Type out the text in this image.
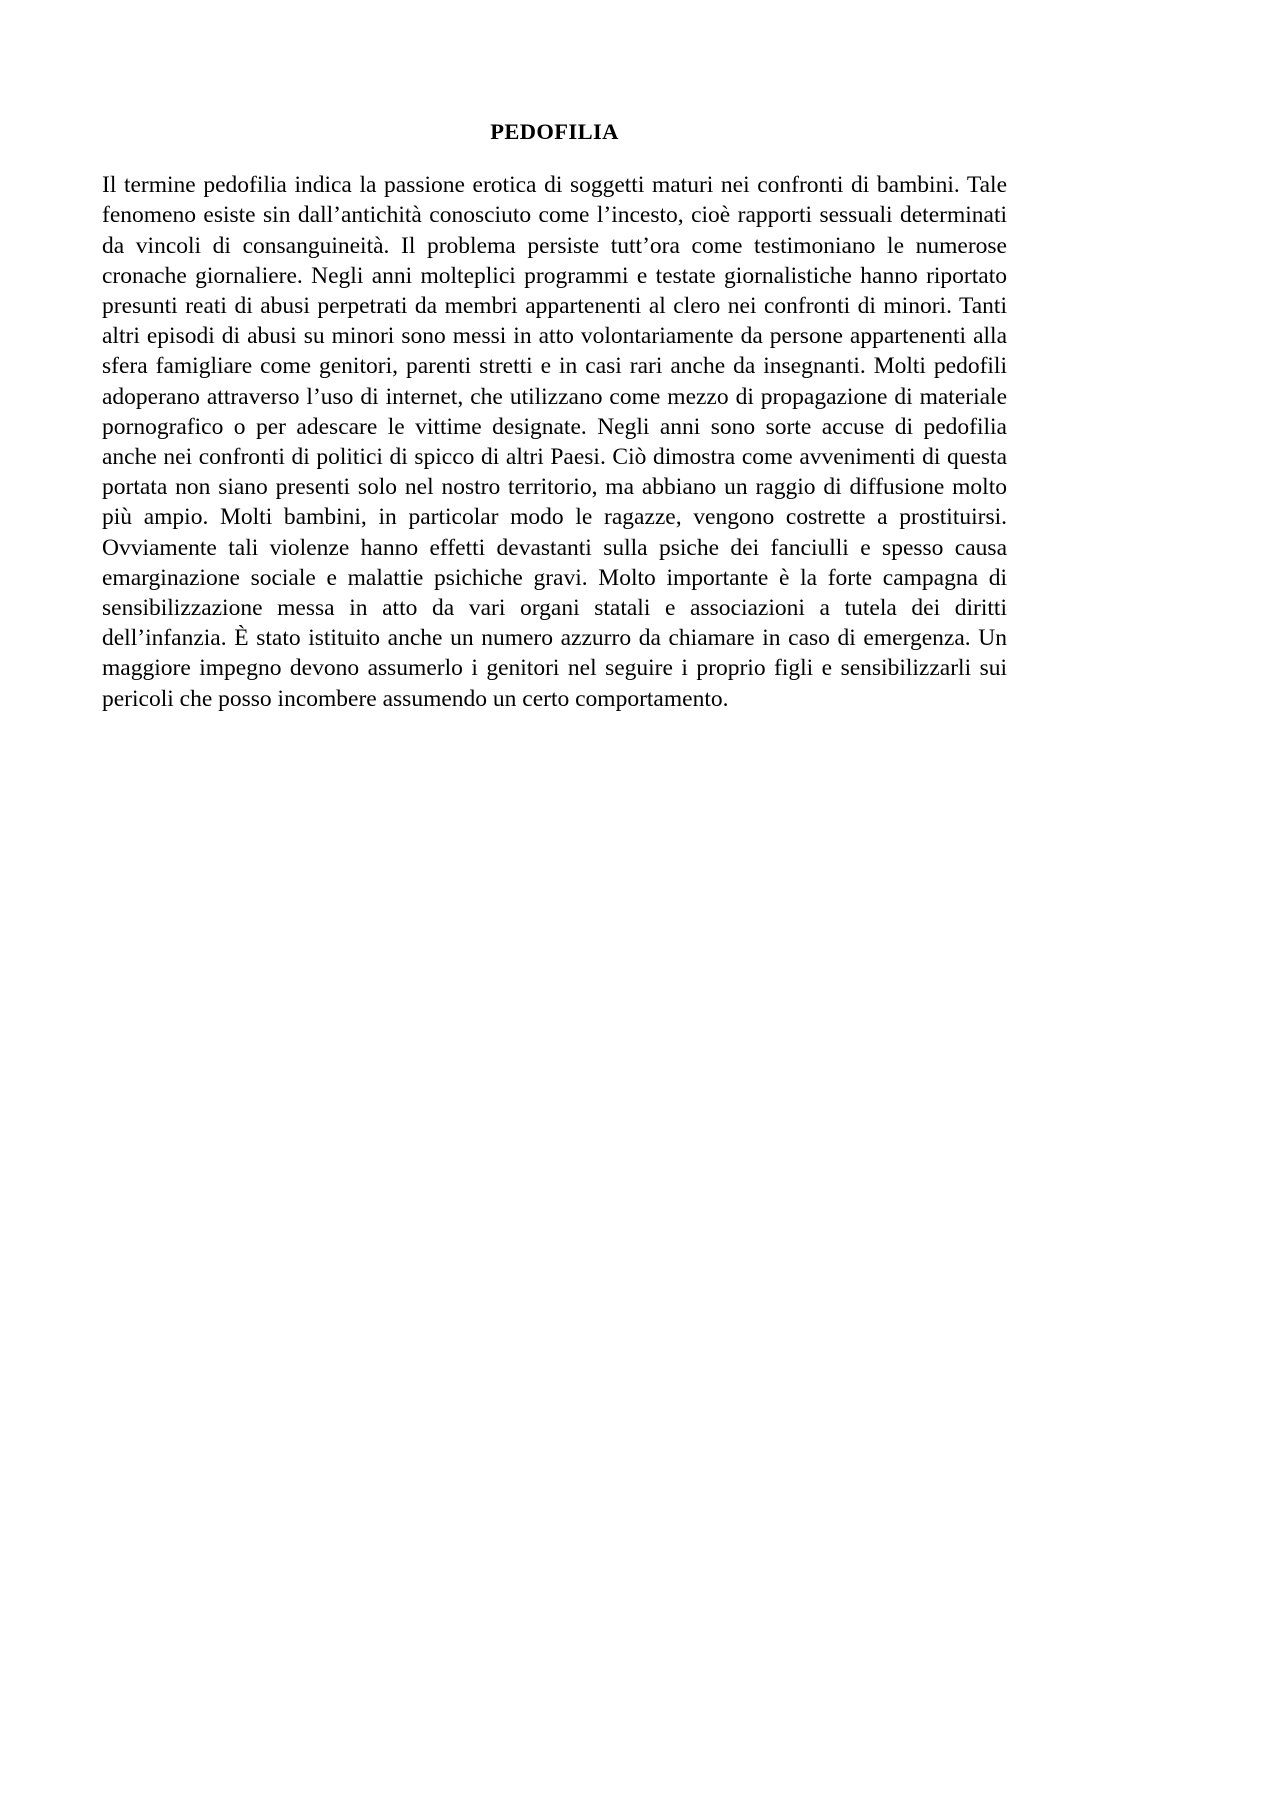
PEDOFILIA

Il termine pedofilia indica la passione erotica di soggetti maturi nei confronti di bambini. Tale fenomeno esiste sin dall’antichità conosciuto come l’incesto, cioè rapporti sessuali determinati da vincoli di consanguineità. Il problema persiste tutt’ora come testimoniano le numerose cronache giornaliere. Negli anni molteplici programmi e testate giornalistiche hanno riportato presunti reati di abusi perpetrati da membri appartenenti al clero nei confronti di minori. Tanti altri episodi di abusi su minori sono messi in atto volontariamente da persone appartenenti alla sfera famigliare come genitori, parenti stretti e in casi rari anche da insegnanti. Molti pedofili adoperano attraverso l’uso di internet, che utilizzano come mezzo di propagazione di materiale pornografico o per adescare le vittime designate. Negli anni sono sorte accuse di pedofilia anche nei confronti di politici di spicco di altri Paesi. Ciò dimostra come avvenimenti di questa portata non siano presenti solo nel nostro territorio, ma abbiano un raggio di diffusione molto più ampio. Molti bambini, in particolar modo le ragazze, vengono costrette a prostituirsi. Ovviamente tali violenze hanno effetti devastanti sulla psiche dei fanciulli e spesso causa emarginazione sociale e malattie psichiche gravi. Molto importante è la forte campagna di sensibilizzazione messa in atto da vari organi statali e associazioni a tutela dei diritti dell’infanzia. È stato istituito anche un numero azzurro da chiamare in caso di emergenza. Un maggiore impegno devono assumerlo i genitori nel seguire i proprio figli e sensibilizzarli sui pericoli che posso incombere assumendo un certo comportamento.
